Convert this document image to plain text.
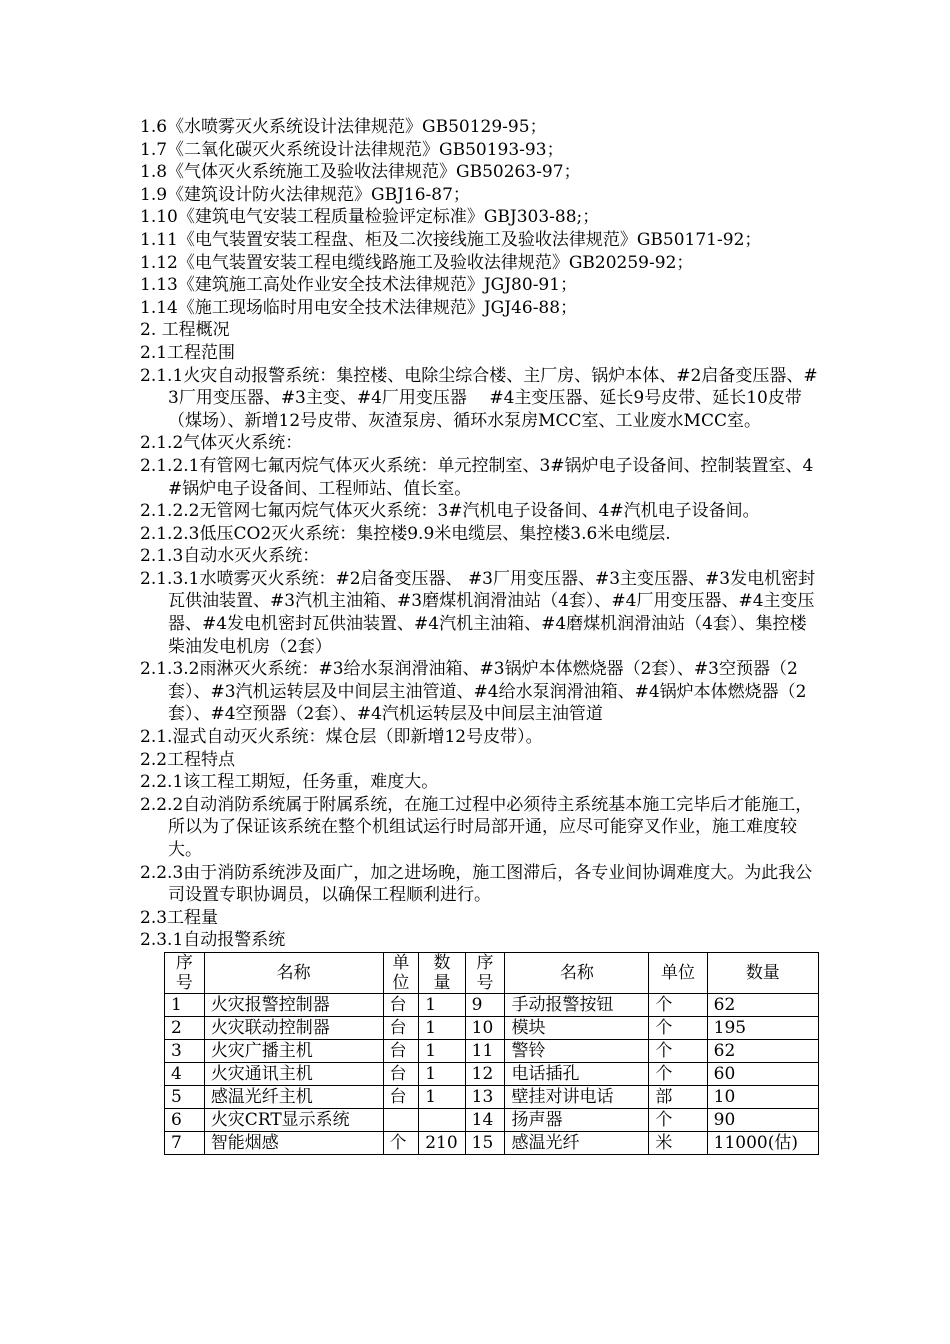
1.6《水喷雾灭火系统设计法律规范》GB50129-95；
1.7《二氧化碳灭火系统设计法律规范》GB50193-93；
1.8《气体灭火系统施工及验收法律规范》GB50263-97；
1.9《建筑设计防火法律规范》GBJ16-87；
1.10《建筑电气安装工程质量检验评定标准》GBJ303-88;；
1.11《电气装置安装工程盘、柜及二次接线施工及验收法律规范》GB50171-92；
1.12《电气装置安装工程电缆线路施工及验收法律规范》GB20259-92；
1.13《建筑施工高处作业安全技术法律规范》JGJ80-91；
1.14《施工现场临时用电安全技术法律规范》JGJ46-88；
2. 工程概况
2.1工程范围
2.1.1火灾自动报警系统：集控楼、电除尘综合楼、主厂房、锅炉本体、#2启备变压器、#3厂用变压器、#3主变、#4厂用变压器　 #4主变压器、延长9号皮带、延长10皮带（煤场）、新增12号皮带、灰渣泵房、循环水泵房MCC室、工业废水MCC室。
2.1.2气体灭火系统：
2.1.2.1有管网七氟丙烷气体灭火系统：单元控制室、3#锅炉电子设备间、控制装置室、4#锅炉电子设备间、工程师站、值长室。
2.1.2.2无管网七氟丙烷气体灭火系统：3#汽机电子设备间、4#汽机电子设备间。
2.1.2.3低压CO2灭火系统：集控楼9.9米电缆层、集控楼3.6米电缆层.
2.1.3自动水灭火系统：
2.1.3.1水喷雾灭火系统：#2启备变压器、 #3厂用变压器、#3主变压器、#3发电机密封瓦供油装置、#3汽机主油箱、#3磨煤机润滑油站（4套）、#4厂用变压器、#4主变压器、#4发电机密封瓦供油装置、#4汽机主油箱、#4磨煤机润滑油站（4套）、集控楼柴油发电机房（2套）
2.1.3.2雨淋灭火系统：#3给水泵润滑油箱、#3锅炉本体燃烧器（2套）、#3空预器（2套）、#3汽机运转层及中间层主油管道、#4给水泵润滑油箱、#4锅炉本体燃烧器（2套）、#4空预器（2套）、#4汽机运转层及中间层主油管道
2.1.湿式自动灭火系统：煤仓层（即新增12号皮带）。
2.2工程特点
2.2.1该工程工期短，任务重，难度大。
2.2.2自动消防系统属于附属系统，在施工过程中必须待主系统基本施工完毕后才能施工，所以为了保证该系统在整个机组试运行时局部开通，应尽可能穿叉作业，施工难度较大。
2.2.3由于消防系统涉及面广，加之进场晚，施工图滞后，各专业间协调难度大。为此我公司设置专职协调员，以确保工程顺利进行。
2.3工程量
2.3.1自动报警系统
序号	名称	单位	数量	序号	名称	单位	数量
1	火灾报警控制器	台	1	9	手动报警按钮	个	62
2	火灾联动控制器	台	1	10	模块	个	195
3	火灾广播主机	台	1	11	警铃	个	62
4	火灾通讯主机	台	1	12	电话插孔	个	60
5	感温光纤主机	台	1	13	壁挂对讲电话	部	10
6	火灾CRT显示系统			14	扬声器	个	90
7	智能烟感	个	210	15	感温光纤	米	11000(估)
